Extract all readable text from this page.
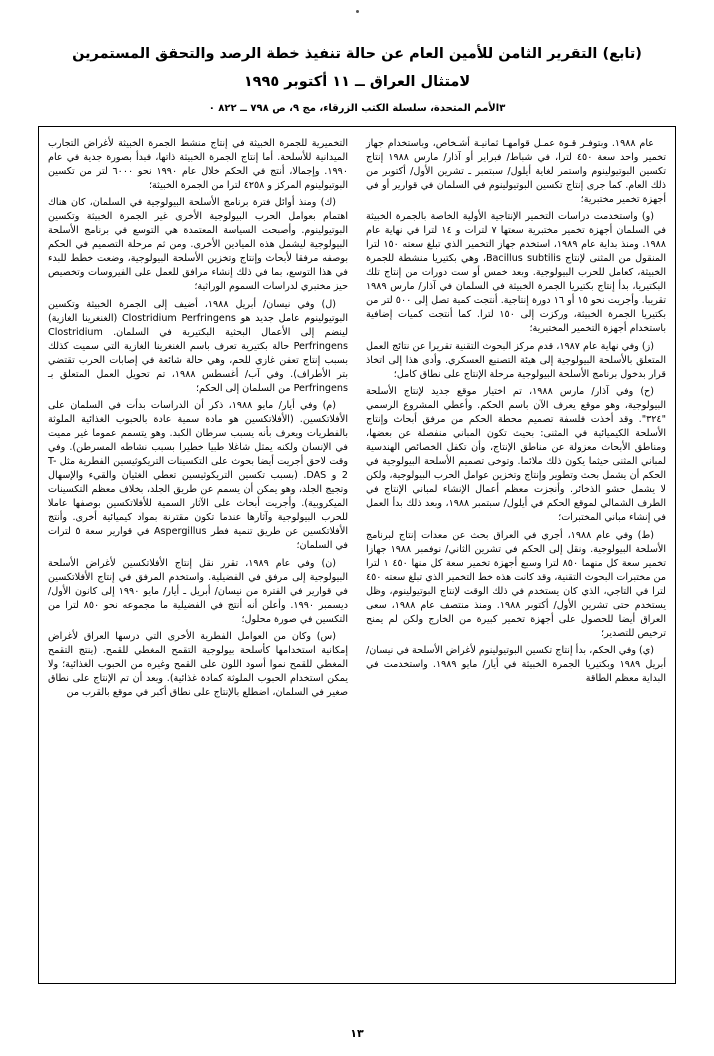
(تابع) التقرير الثامن للأمين العام عن حالة تنفيذ خطة الرصد والتحقق المستمرين
لامتثال العراق ــ ١١ أكتوبر ١٩٩٥
٣الأمم المتحدة، سلسلة الكتب الزرقاء، مج ٩، ص ٧٩٨ ــ ٨٢٢ ٠

عام ١٩٨٨. وبتوفـر قـوة عمـل قوامهـا ثمانيـة أشـخاص، وباستخدام جهاز تخمير واحد سعة ٤٥٠ لترا، في شباط/ فبراير أو آذار/ مارس ١٩٨٨ إنتاج تكسين البوتيولينوم واستمر لغاية أيلول/ سبتمبر ـ تشرين الأول/ أكتوبر من ذلك العام. كما جرى إنتاج تكسين البوتيولينوم في السلمان في قوارير أو في أجهزة تخمير مختبرية؛

(و) واستخدمت دراسات التخمير الإنتاجية الأولية الخاصة بالجمرة الخبيثة في السلمان أجهزة تخمير مختبرية سعتها ٧ لترات و ١٤ لترا في نهاية عام ١٩٨٨. ومنذ بداية عام ١٩٨٩، استخدم جهاز التخمير الذي تبلغ سعته ١٥٠ لترا المنقول من المثنى لإنتاج Bacillus subtilis، وهي بكتيريا منشطة للجمرة الخبيثة، كعامل للحرب البيولوجية. وبعد خمس أو ست دورات من إنتاج تلك البكتيريا، بدأ إنتاج بكتيريا الجمرة الخبيثة في السلمان في آذار/ مارس ١٩٨٩ تقريبا. وأجريت نحو ١٥ أو ١٦ دورة إنتاجية. أنتجت كمية تصل إلى ٥٠٠ لتر من بكتيريا الجمرة الخبيثة، وركزت إلى ١٥٠ لترا. كما أنتجت كميات إضافية باستخدام أجهزة التخمير المختبرية؛

(ز) وفي نهاية عام ١٩٨٧، قدم مركز البحوث التقنية تقريرا عن نتائج العمل المتعلق بالأسلحة البيولوجية إلى هيئة التصنيع العسكري. وأدى هذا إلى اتخاذ قرار بدخول برنامج الأسلحة البيولوجية مرحلة الإنتاج على نطاق كامل؛

(ح) وفي آذار/ مارس ١٩٨٨، تم اختيار موقع جديد لإنتاج الأسلحة البيولوجية، وهو موقع يعرف الآن باسم الحكم. وأعطي المشروع الرسمي "٣٢٤". وقد أخذت فلسفة تصميم محطة الحكم من مرفق أبحاث وإنتاج الأسلحة الكيميائية في المثنى: بحيث تكون المباني منفصلة عن بعضها، ومناطق الأبحاث معزولة عن مناطق الإنتاج، وأن تكفل الخصائص الهندسية لمباني المثنى حيثما يكون ذلك ملائما. وتوخى تصميم الأسلحة البيولوجية في الحكم أن يشمل بحث وتطوير وإنتاج وتخزين عوامل الحرب البيولوجية، ولكن لا يشمل حشو الذخائر. وأنجزت معظم أعمال الإنشاء لمباني الإنتاج في الطرف الشمالي لموقع الحكم في أيلول/ سبتمبر ١٩٨٨، وبعد ذلك بدأ العمل في إنشاء مباني المختبرات؛

(ط) وفي عام ١٩٨٨، أجري في العراق بحث عن معدات إنتاج لبرنامج الأسلحة البيولوجية. ونقل إلى الحكم في تشرين الثاني/ نوفمبر ١٩٨٨ جهازا تخمير سعة كل منهما ٨٥٠ لترا وسبع أجهزة تخمير سعة كل منها ٤٥٠ ١ لترا من مختبرات البحوث التقنية، وقد كانت هذه خط التخمير الذي تبلغ سعته ٤٥٠ لترا في التاجي، الذي كان يستخدم في ذلك الوقت لإنتاج البوتيولينوم، وظل يستخدم حتى تشرين الأول/ أكتوبر ١٩٨٨. ومنذ منتصف عام ١٩٨٨، سعى العراق أيضا للحصول على أجهزة تخمير كبيرة من الخارج ولكن لم يمنح ترخيص للتصدير؛

(ي) وفي الحكم، بدأ إنتاج تكسين البوتيولينوم لأغراض الأسلحة في نيسان/ أبريل ١٩٨٩ وبكتيريا الجمرة الخبيثة في أيار/ مايو ١٩٨٩. واستخدمت في البداية معظم الطاقة

التخميرية للجمرة الخبيثة في إنتاج منشط الجمرة الخبيثة لأغراض التجارب الميدانية للأسلحة. أما إنتاج الجمرة الخبيثة ذاتها، فبدأ بصورة جدية في عام ١٩٩٠. وإجمالا، أنتج في الحكم خلال عام ١٩٩٠ نحو ٦٠٠٠ لتر من تكسين البوتيولينوم المركز و ٤٢٥٨ لترا من الجمرة الخبيثة؛

(ك) ومنذ أوائل فترة برنامج الأسلحة البيولوجية في السلمان، كان هناك اهتمام بعوامل الحرب البيولوجية الأخرى غير الجمرة الخبيثة وتكسين البوتيولينوم. وأصبحت السياسة المعتمدة هي التوسع في برنامج الأسلحة البيولوجية ليشمل هذه الميادين الأخرى. ومن ثم مرحلة التصميم في الحكم بوصفه مرفقا لأبحاث وإنتاج وتخزين الأسلحة البيولوجية، وضعت خطط للبدء في هذا التوسع، بما في ذلك إنشاء مرافق للعمل على الفيروسات وتخصيص حيز مختبري لدراسات السموم الوراثية؛

(ل) وفي نيسان/ أبريل ١٩٨٨، أضيف إلى الجمرة الخبيثة وتكسين البوتيولينوم عامل جديد هو Clostridium Perfringens (الغنغرينا الغازية) لينضم إلى الأعمال البحثية البكتيرية في السلمان. Clostridium Perfringens حالة بكتيرية تعرف باسم الغنغرينا الغازية التي سميت كذلك بسبب إنتاج تعفن غازي للحم، وهي حالة شائعة في إصابات الحرب تقتضي بتر الأطراف). وفي آب/ أغسطس ١٩٨٨، تم تحويل العمل المتعلق بـ Perfringens من السلمان إلى الحكم؛

(م) وفي أيار/ مايو ١٩٨٨، ذكر أن الدراسات بدأت في السلمان على الأفلاتكسين. (الأفلاتكسين هو مادة سمية عادة بالحبوب الغذائية الملوثة بالفطريات ويعرف بأنه يسبب سرطان الكبد. وهو يتسمم عموما غير مميت في الإنسان ولكنه يمثل شاغلا طبيا خطيرا بسبب نشاطه المسرطن). وفي وقت لاحق أجريت أيضا بحوث على التكسينات التريكوثيسين الفطرية مثل T-2 و DAS. (بسبب تكسين التريكوثيسين تعطي الغثيان والقيء والإسهال وتجيج الجلد، وهو يمكن أن يسمم عن طريق الجلد، بخلاف معظم التكسينات الميكروبية). وأجريت أبحاث على الآثار السمية للأفلاتكسين بوصفها عاملا للحرب البيولوجية وآثارها عندما تكون مقترنة بمواد كيميائية أخرى. وأنتج الأفلاتكسين عن طريق تنمية فطر Aspergillus في قوارير سعة ٥ لترات في السلمان؛

(ن) وفي عام ١٩٨٩، تقرر نقل إنتاج الأفلاتكسين لأغراض الأسلحة البيولوجية إلى مرفق في الفضيلية. واستخدم المرفق في إنتاج الأفلاتكسين في قوارير في الفترة من نيسان/ أبريل ـ أيار/ مايو ١٩٩٠ إلى كانون الأول/ ديسمبر ١٩٩٠. وأعلن أنه أنتج في الفضيلية ما مجموعه نحو ٨٥٠ لترا من التكسين في صورة محلول؛

(س) وكان من العوامل الفطرية الأخرى التي درسها العراق لأغراض إمكانية استخدامها كأسلحة بيولوجية التقمح المغطي للقمح. (ينتج التقمح المغطي للقمح نموا أسود اللون على القمح وغيره من الحبوب الغذائية؛ ولا يمكن استخدام الحبوب الملوثة كمادة غذائية). وبعد أن تم الإنتاج على نطاق صغير في السلمان، اضطلع بالإنتاج على نطاق أكبر في موقع بالقرب من

١٣
